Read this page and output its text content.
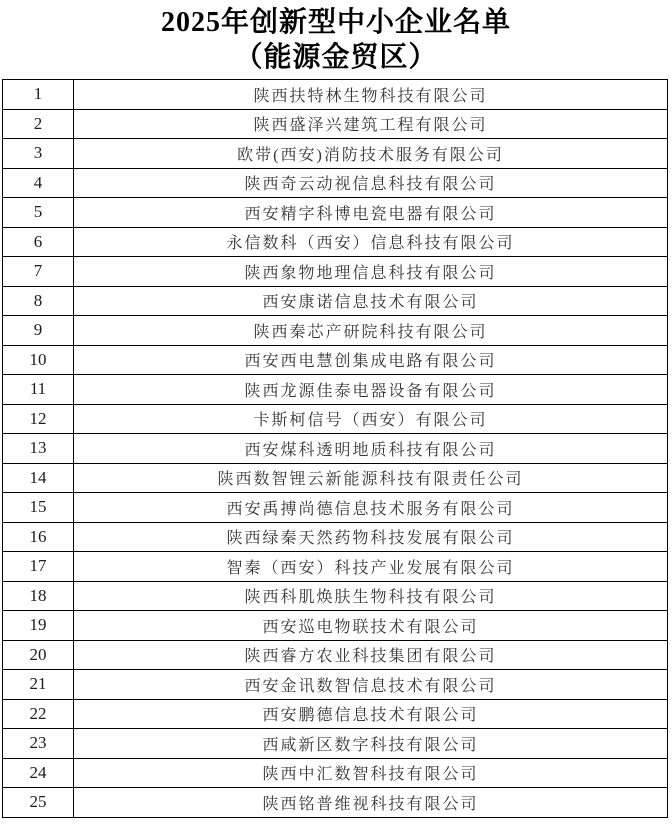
2025年创新型中小企业名单
（能源金贸区）
1	陕西扶特林生物科技有限公司
2	陕西盛泽兴建筑工程有限公司
3	欧带(西安)消防技术服务有限公司
4	陕西奇云动视信息科技有限公司
5	西安精字科博电瓷电器有限公司
6	永信数科（西安）信息科技有限公司
7	陕西象物地理信息科技有限公司
8	西安康诺信息技术有限公司
9	陕西秦芯产研院科技有限公司
10	西安西电慧创集成电路有限公司
11	陕西龙源佳泰电器设备有限公司
12	卡斯柯信号（西安）有限公司
13	西安煤科透明地质科技有限公司
14	陕西数智锂云新能源科技有限责任公司
15	西安禹搏尚德信息技术服务有限公司
16	陕西绿秦天然药物科技发展有限公司
17	智秦（西安）科技产业发展有限公司
18	陕西科肌焕肤生物科技有限公司
19	西安巡电物联技术有限公司
20	陕西睿方农业科技集团有限公司
21	西安金讯数智信息技术有限公司
22	西安鹏德信息技术有限公司
23	西咸新区数字科技有限公司
24	陕西中汇数智科技有限公司
25	陕西铭普维视科技有限公司
